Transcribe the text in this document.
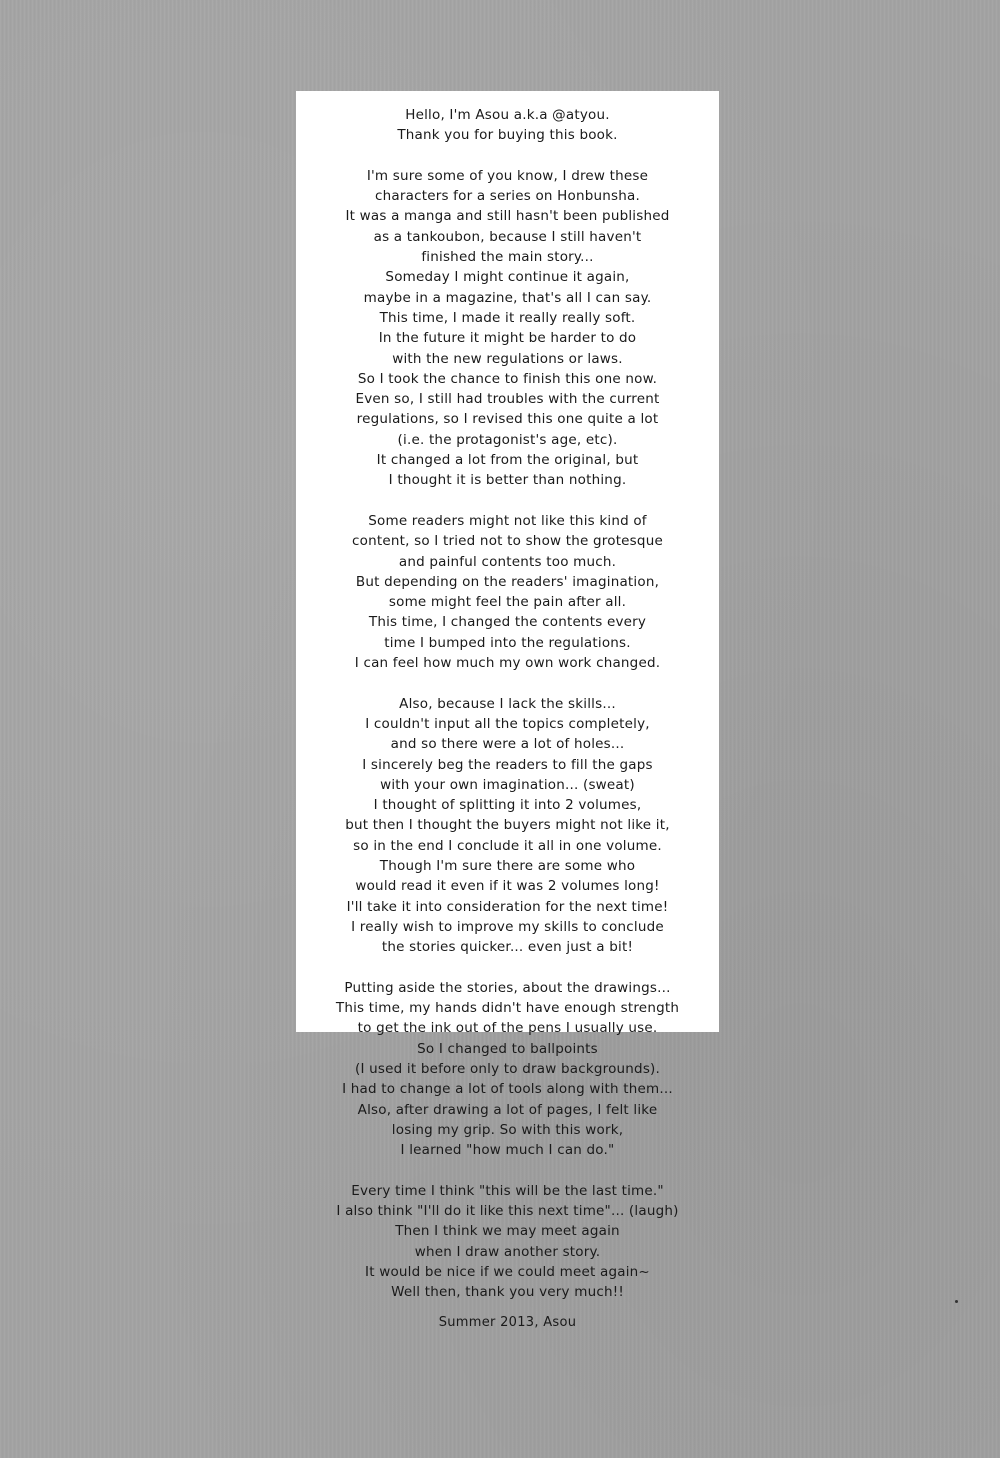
Hello, I'm Asou a.k.a @atyou.
Thank you for buying this book.
I'm sure some of you know, I drew these
characters for a series on Honbunsha.
It was a manga and still hasn't been published
as a tankoubon, because I still haven't
finished the main story...
Someday I might continue it again,
maybe in a magazine, that's all I can say.
This time, I made it really really soft.
In the future it might be harder to do
with the new regulations or laws.
So I took the chance to finish this one now.
Even so, I still had troubles with the current
regulations, so I revised this one quite a lot
(i.e. the protagonist's age, etc).
It changed a lot from the original, but
I thought it is better than nothing.
Some readers might not like this kind of
content, so I tried not to show the grotesque
and painful contents too much.
But depending on the readers' imagination,
some might feel the pain after all.
This time, I changed the contents every
time I bumped into the regulations.
I can feel how much my own work changed.
Also, because I lack the skills...
I couldn't input all the topics completely,
and so there were a lot of holes...
I sincerely beg the readers to fill the gaps
with your own imagination... (sweat)
I thought of splitting it into 2 volumes,
but then I thought the buyers might not like it,
so in the end I conclude it all in one volume.
Though I'm sure there are some who
would read it even if it was 2 volumes long!
I'll take it into consideration for the next time!
I really wish to improve my skills to conclude
the stories quicker... even just a bit!
Putting aside the stories, about the drawings...
This time, my hands didn't have enough strength
to get the ink out of the pens I usually use.
So I changed to ballpoints
(I used it before only to draw backgrounds).
I had to change a lot of tools along with them...
Also, after drawing a lot of pages, I felt like
losing my grip. So with this work,
I learned "how much I can do."
Every time I think "this will be the last time."
I also think "I'll do it like this next time"... (laugh)
Then I think we may meet again
when I draw another story.
It would be nice if we could meet again~
Well then, thank you very much!!
Summer 2013, Asou
